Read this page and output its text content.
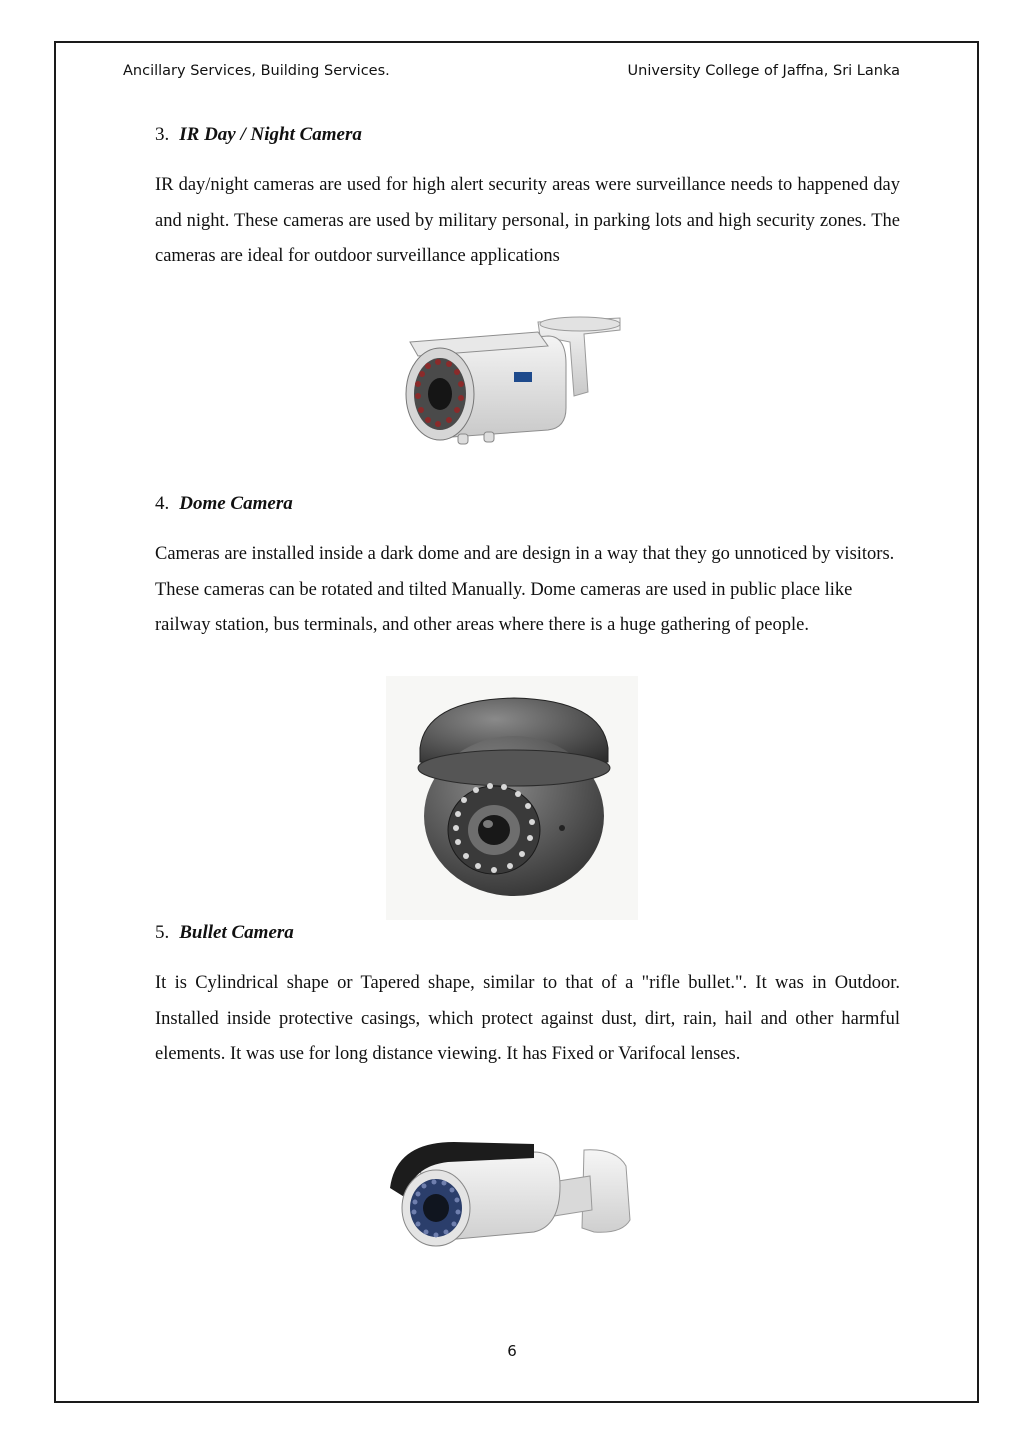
Ancillary Services, Building Services.	University College of Jaffna, Sri Lanka
3. IR Day / Night Camera
IR day/night cameras are used for high alert security areas were surveillance needs to happened day and night. These cameras are used by military personal, in parking lots and high security zones. The cameras are ideal for outdoor surveillance applications
4. Dome Camera
Cameras are installed inside a dark dome and are design in a way that they go unnoticed by visitors. These cameras can be rotated and tilted Manually. Dome cameras are used in public place like railway station, bus terminals, and other areas where there is a huge gathering of people.
5. Bullet Camera
It is Cylindrical shape or Tapered shape, similar to that of a "rifle bullet.". It was in Outdoor. Installed inside protective casings, which protect against dust, dirt, rain, hail and other harmful elements. It was use for long distance viewing. It has Fixed or Varifocal lenses.
6
